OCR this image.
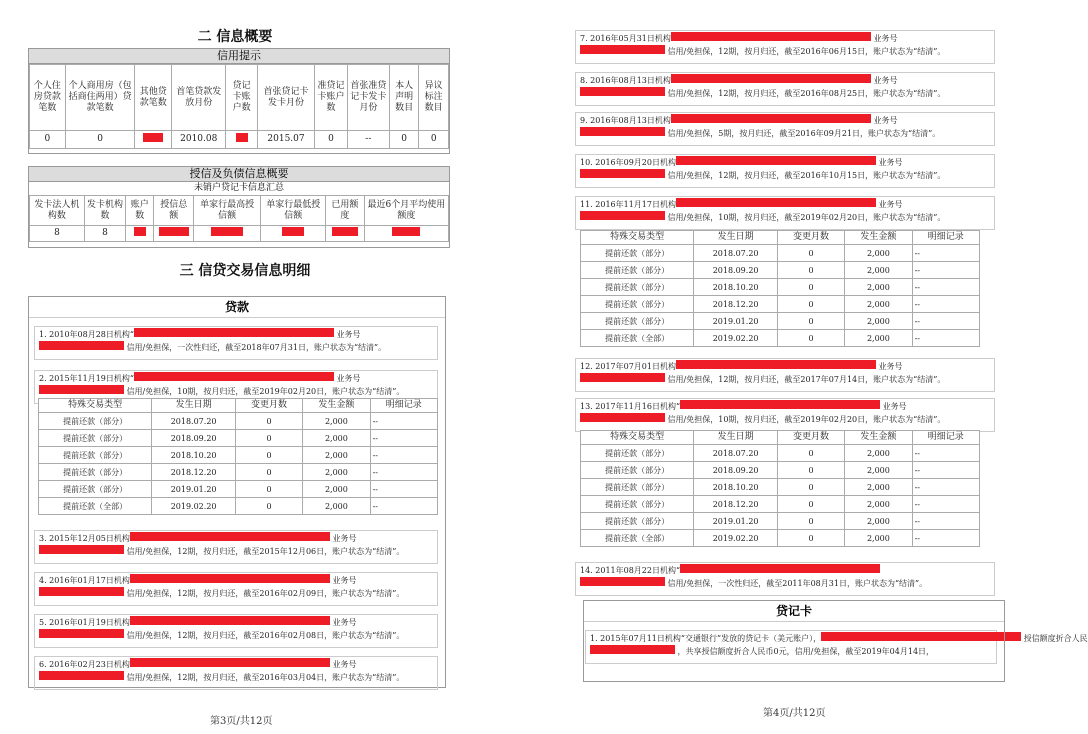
二 信息概要
信用提示
个人住房贷款笔数	个人商用房（包括商住两用）贷款笔数	其他贷款笔数	首笔贷款发放月份	贷记卡账户数	首张贷记卡发卡月份	准贷记卡账户数	首张准贷记卡发卡月份	本人声明数目	异议标注数目
0	0		2010.08		2015.07	0	--	0	0
授信及负债信息概要
未销户贷记卡信息汇总
发卡法人机构数	发卡机构数	账户数	授信总额	单家行最高授信额	单家行最低授信额	已用额度	最近6个月平均使用额度
8	8						
三 信贷交易信息明细
贷款
1. 2010年08月28日机构“	业务号
信用/免担保，一次性归还，截至2018年07月31日，账户状态为“结清”。
2. 2015年11月19日机构“	业务号
信用/免担保，10期，按月归还，截至2019年02月20日，账户状态为“结清”。
3. 2015年12月05日机构	业务号
信用/免担保，12期，按月归还，截至2015年12月06日，账户状态为“结清”。
4. 2016年01月17日机构	业务号
信用/免担保，12期，按月归还，截至2016年02月09日，账户状态为“结清”。
5. 2016年01月19日机构	业务号
信用/免担保，12期，按月归还，截至2016年02月08日，账户状态为“结清”。
6. 2016年02月23日机构	业务号
信用/免担保，12期，按月归还，截至2016年03月04日，账户状态为“结清”。
特殊交易类型	发生日期	变更月数	发生金额	明细记录
提前还款（部分）	2018.07.20	0	2,000	--
提前还款（部分）	2018.09.20	0	2,000	--
提前还款（部分）	2018.10.20	0	2,000	--
提前还款（部分）	2018.12.20	0	2,000	--
提前还款（部分）	2019.01.20	0	2,000	--
提前还款（全部）	2019.02.20	0	2,000	--
第3页/共12页
7. 2016年05月31日机构	业务号
信用/免担保，12期，按月归还，截至2016年06月15日，账户状态为“结清”。
8. 2016年08月13日机构	业务号
信用/免担保，12期，按月归还，截至2016年08月25日，账户状态为“结清”。
9. 2016年08月13日机构	业务号
信用/免担保，5期，按月归还，截至2016年09月21日，账户状态为“结清”。
10. 2016年09月20日机构	业务号
信用/免担保，12期，按月归还，截至2016年10月15日，账户状态为“结清”。
11. 2016年11月17日机构	业务号
信用/免担保，10期，按月归还，截至2019年02月20日，账户状态为“结清”。
12. 2017年07月01日机构	业务号
信用/免担保，12期，按月归还，截至2017年07月14日，账户状态为“结清”。
13. 2017年11月16日机构“	业务号
信用/免担保，10期，按月归还，截至2019年02月20日，账户状态为“结清”。
14. 2011年08月22日机构“
信用/免担保，一次性归还，截至2011年08月31日，账户状态为“结清”。
1. 2015年07月11日机构“交通银行”发放的贷记卡（美元账户），	授信额度折合人民
，共享授信额度折合人民币0元，信用/免担保，截至2019年04月14日，
特殊交易类型	发生日期	变更月数	发生金额	明细记录
提前还款（部分）	2018.07.20	0	2,000	--
提前还款（部分）	2018.09.20	0	2,000	--
提前还款（部分）	2018.10.20	0	2,000	--
提前还款（部分）	2018.12.20	0	2,000	--
提前还款（部分）	2019.01.20	0	2,000	--
提前还款（全部）	2019.02.20	0	2,000	--
特殊交易类型	发生日期	变更月数	发生金额	明细记录
提前还款（部分）	2018.07.20	0	2,000	--
提前还款（部分）	2018.09.20	0	2,000	--
提前还款（部分）	2018.10.20	0	2,000	--
提前还款（部分）	2018.12.20	0	2,000	--
提前还款（部分）	2019.01.20	0	2,000	--
提前还款（全部）	2019.02.20	0	2,000	--
贷记卡
第4页/共12页
